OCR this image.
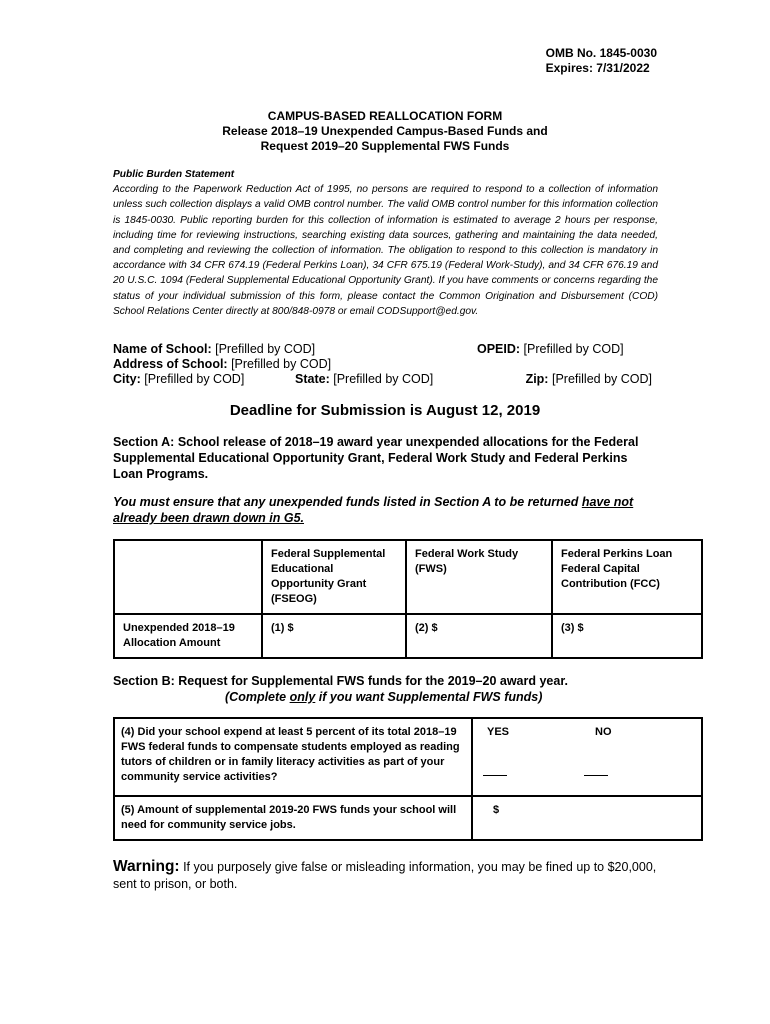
OMB No. 1845-0030
Expires: 7/31/2022
CAMPUS-BASED REALLOCATION FORM
Release 2018–19 Unexpended Campus-Based Funds and
Request 2019–20 Supplemental FWS Funds
Public Burden Statement
According to the Paperwork Reduction Act of 1995, no persons are required to respond to a collection of information unless such collection displays a valid OMB control number. The valid OMB control number for this information collection is 1845-0030. Public reporting burden for this collection of information is estimated to average 2 hours per response, including time for reviewing instructions, searching existing data sources, gathering and maintaining the data needed, and completing and reviewing the collection of information. The obligation to respond to this collection is mandatory in accordance with 34 CFR 674.19 (Federal Perkins Loan), 34 CFR 675.19 (Federal Work-Study), and 34 CFR 676.19 and 20 U.S.C. 1094 (Federal Supplemental Educational Opportunity Grant). If you have comments or concerns regarding the status of your individual submission of this form, please contact the Common Origination and Disbursement (COD) School Relations Center directly at 800/848-0978 or email CODSupport@ed.gov.
Name of School: [Prefilled by COD]	OPEID: [Prefilled by COD]
Address of School: [Prefilled by COD]
City: [Prefilled by COD]	State: [Prefilled by COD]	Zip: [Prefilled by COD]
Deadline for Submission is August 12, 2019
Section A: School release of 2018–19 award year unexpended allocations for the Federal Supplemental Educational Opportunity Grant, Federal Work Study and Federal Perkins Loan Programs.
You must ensure that any unexpended funds listed in Section A to be returned have not already been drawn down in G5.
	Federal Supplemental Educational Opportunity Grant (FSEOG)	Federal Work Study (FWS)	Federal Perkins Loan Federal Capital Contribution (FCC)
Unexpended 2018–19 Allocation Amount	(1) $	(2) $	(3) $
Section B: Request for Supplemental FWS funds for the 2019–20 award year.
(Complete only if you want Supplemental FWS funds)
(4) Did your school expend at least 5 percent of its total 2018–19 FWS federal funds to compensate students employed as reading tutors of children or in family literacy activities as part of your community service activities?	YES NO

(5) Amount of supplemental 2019-20 FWS funds your school will need for community service jobs.	$
Warning: If you purposely give false or misleading information, you may be fined up to $20,000, sent to prison, or both.
